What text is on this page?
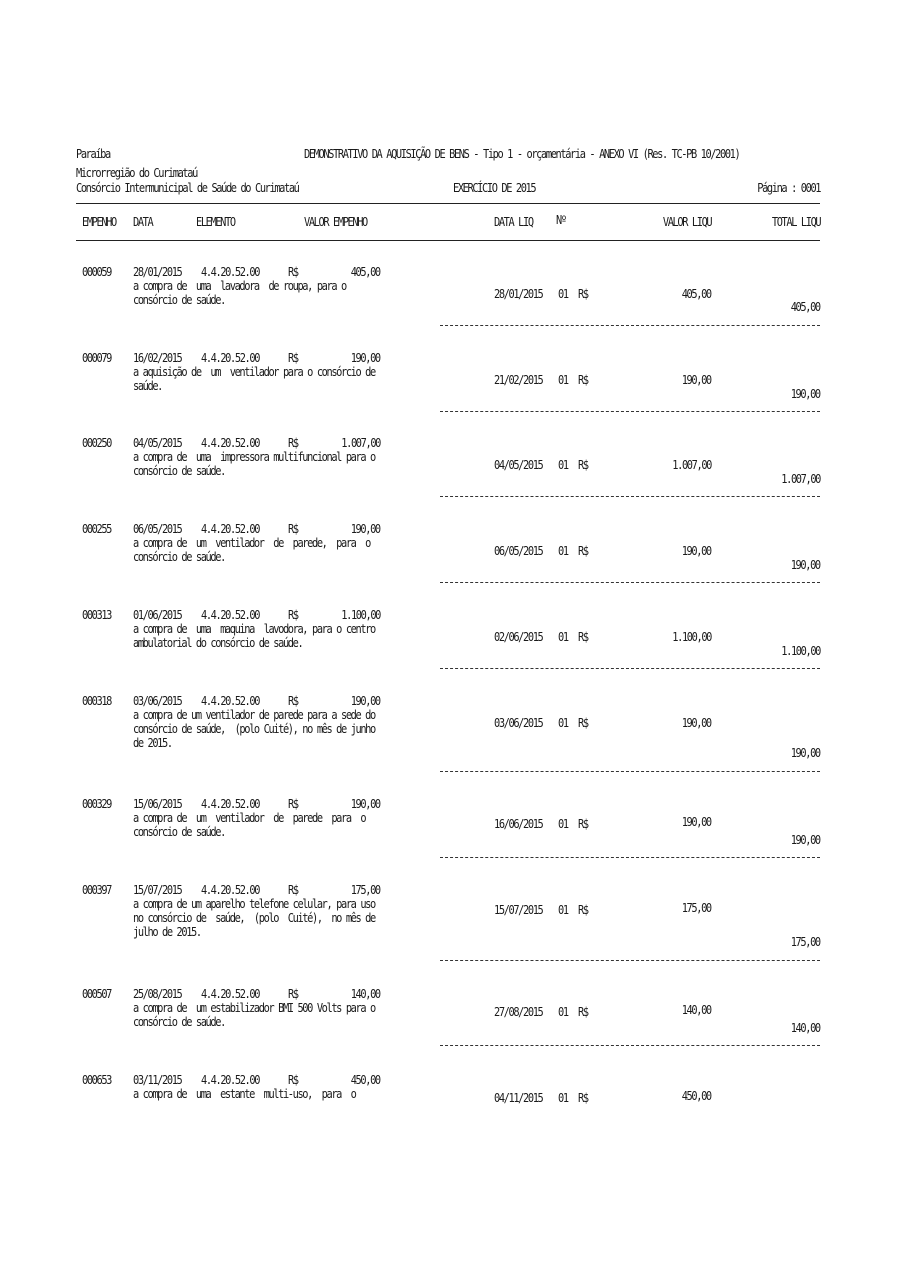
Paraíba	DEMONSTRATIVO DA AQUISIÇÃO DE BENS - Tipo 1 - orçamentária - ANEXO VI (Res. TC-PB 10/2001)
Microrregião do Curimataú
Consórcio Intermunicipal de Saúde do Curimataú	EXERCÍCIO DE 2015	Página : 0001
EMPENHO DATA	ELEMENTO	VALOR EMPENHO	DATA LIQ Nº	VALOR LIQU	TOTAL LIQU
000059 28/01/2015 4.4.20.52.00 R$	405,00
a compra de  uma  lavadora  de roupa, para o
consórcio de saúde.	28/01/2015 01 R$	405,00
405,00
000079 16/02/2015 4.4.20.52.00 R$	190,00
a aquisição de  um  ventilador para o consórcio de
saúde.	21/02/2015 01 R$	190,00
190,00
000250 04/05/2015 4.4.20.52.00 R$	1.007,00
a compra de  uma  impressora multifuncional para o
consórcio de saúde.	04/05/2015 01 R$	1.007,00
1.007,00
000255 06/05/2015 4.4.20.52.00 R$	190,00
a compra de  um  ventilador  de  parede,  para  o
consórcio de saúde.	06/05/2015 01 R$	190,00
190,00
000313 01/06/2015 4.4.20.52.00 R$	1.100,00
a compra de  uma  maquina  lavodora, para o centro
ambulatorial do consórcio de saúde.	02/06/2015 01 R$	1.100,00
1.100,00
000318 03/06/2015 4.4.20.52.00 R$	190,00
a compra de um ventilador de parede para a sede do
consórcio de saúde,  (polo Cuité), no mês de junho
de 2015.
03/06/2015 01 R$	190,00
190,00
000329 15/06/2015 4.4.20.52.00 R$	190,00
a compra de  um  ventilador  de  parede  para  o
consórcio de saúde.
16/06/2015 01 R$	190,00
190,00
000397 15/07/2015 4.4.20.52.00 R$	175,00
a compra de um aparelho telefone celular, para uso
no consórcio de  saúde,  (polo  Cuité),  no mês de
julho de 2015.
15/07/2015 01 R$	175,00
175,00
000507 25/08/2015 4.4.20.52.00 R$	140,00
a compra de  um estabilizador BMI 500 Volts para o
consórcio de saúde.
27/08/2015 01 R$	140,00
140,00
000653 03/11/2015 4.4.20.52.00 R$	450,00
a compra de  uma  estante  multi-uso,  para  o	04/11/2015 01 R$	450,00
